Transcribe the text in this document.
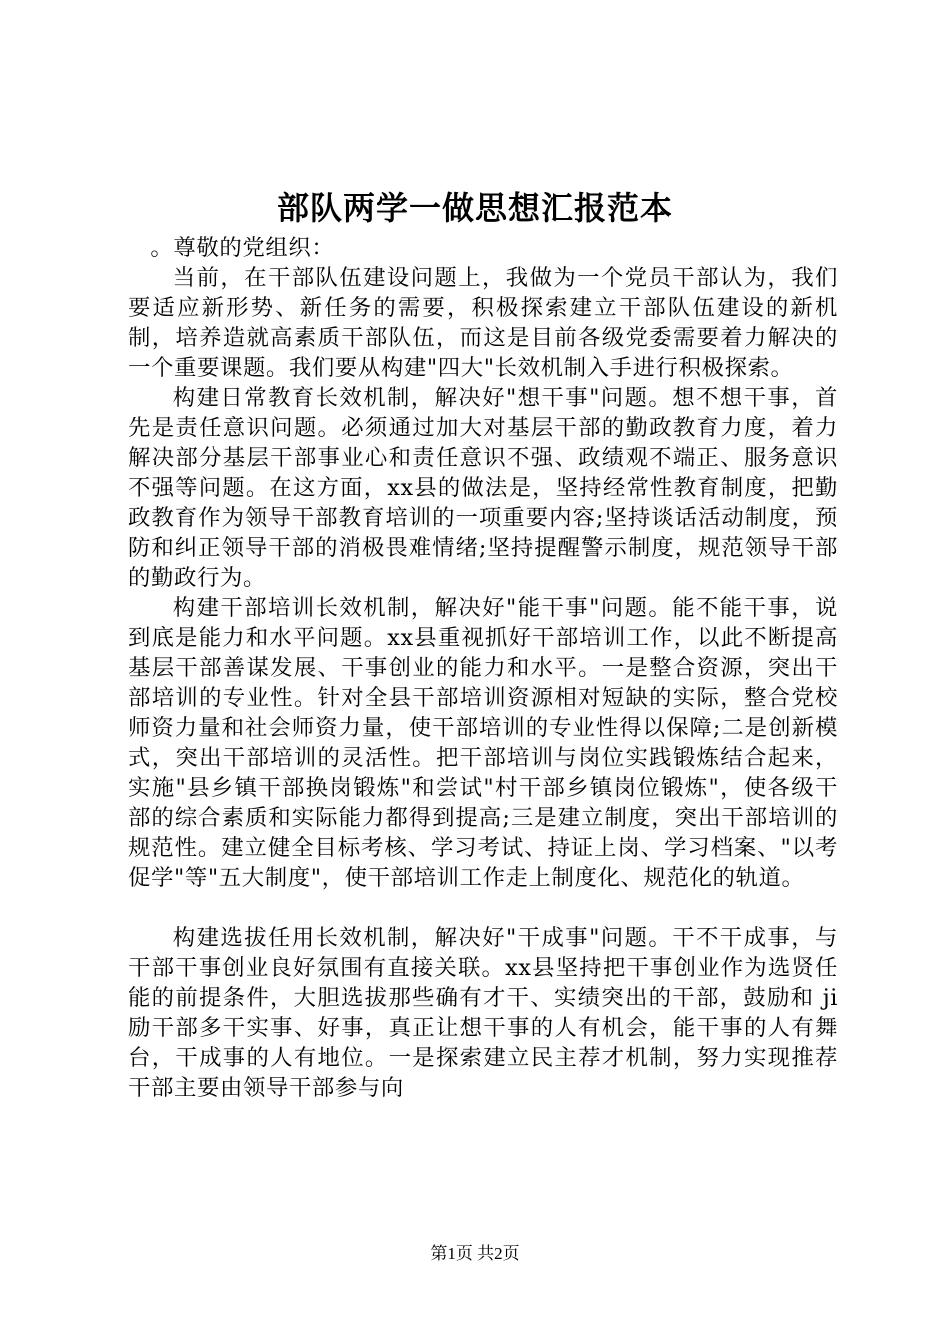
部队两学一做思想汇报范本

。尊敬的党组织：

当前，在干部队伍建设问题上，我做为一个党员干部认为，我们要适应新形势、新任务的需要，积极探索建立干部队伍建设的新机制，培养造就高素质干部队伍，而这是目前各级党委需要着力解决的一个重要课题。我们要从构建"四大"长效机制入手进行积极探索。

构建日常教育长效机制，解决好"想干事"问题。想不想干事，首先是责任意识问题。必须通过加大对基层干部的勤政教育力度，着力解决部分基层干部事业心和责任意识不强、政绩观不端正、服务意识不强等问题。在这方面，xx县的做法是，坚持经常性教育制度，把勤政教育作为领导干部教育培训的一项重要内容;坚持谈话活动制度，预防和纠正领导干部的消极畏难情绪;坚持提醒警示制度，规范领导干部的勤政行为。

构建干部培训长效机制，解决好"能干事"问题。能不能干事，说到底是能力和水平问题。xx县重视抓好干部培训工作，以此不断提高基层干部善谋发展、干事创业的能力和水平。一是整合资源，突出干部培训的专业性。针对全县干部培训资源相对短缺的实际，整合党校师资力量和社会师资力量，使干部培训的专业性得以保障;二是创新模式，突出干部培训的灵活性。把干部培训与岗位实践锻炼结合起来，实施"县乡镇干部换岗锻炼"和尝试"村干部乡镇岗位锻炼"，使各级干部的综合素质和实际能力都得到提高;三是建立制度，突出干部培训的规范性。建立健全目标考核、学习考试、持证上岗、学习档案、"以考促学"等"五大制度"，使干部培训工作走上制度化、规范化的轨道。

构建选拔任用长效机制，解决好"干成事"问题。干不干成事，与干部干事创业良好氛围有直接关联。xx县坚持把干事创业作为选贤任能的前提条件，大胆选拔那些确有才干、实绩突出的干部，鼓励和 ji 励干部多干实事、好事，真正让想干事的人有机会，能干事的人有舞台，干成事的人有地位。一是探索建立民主荐才机制，努力实现推荐干部主要由领导干部参与向

第1页 共2页
